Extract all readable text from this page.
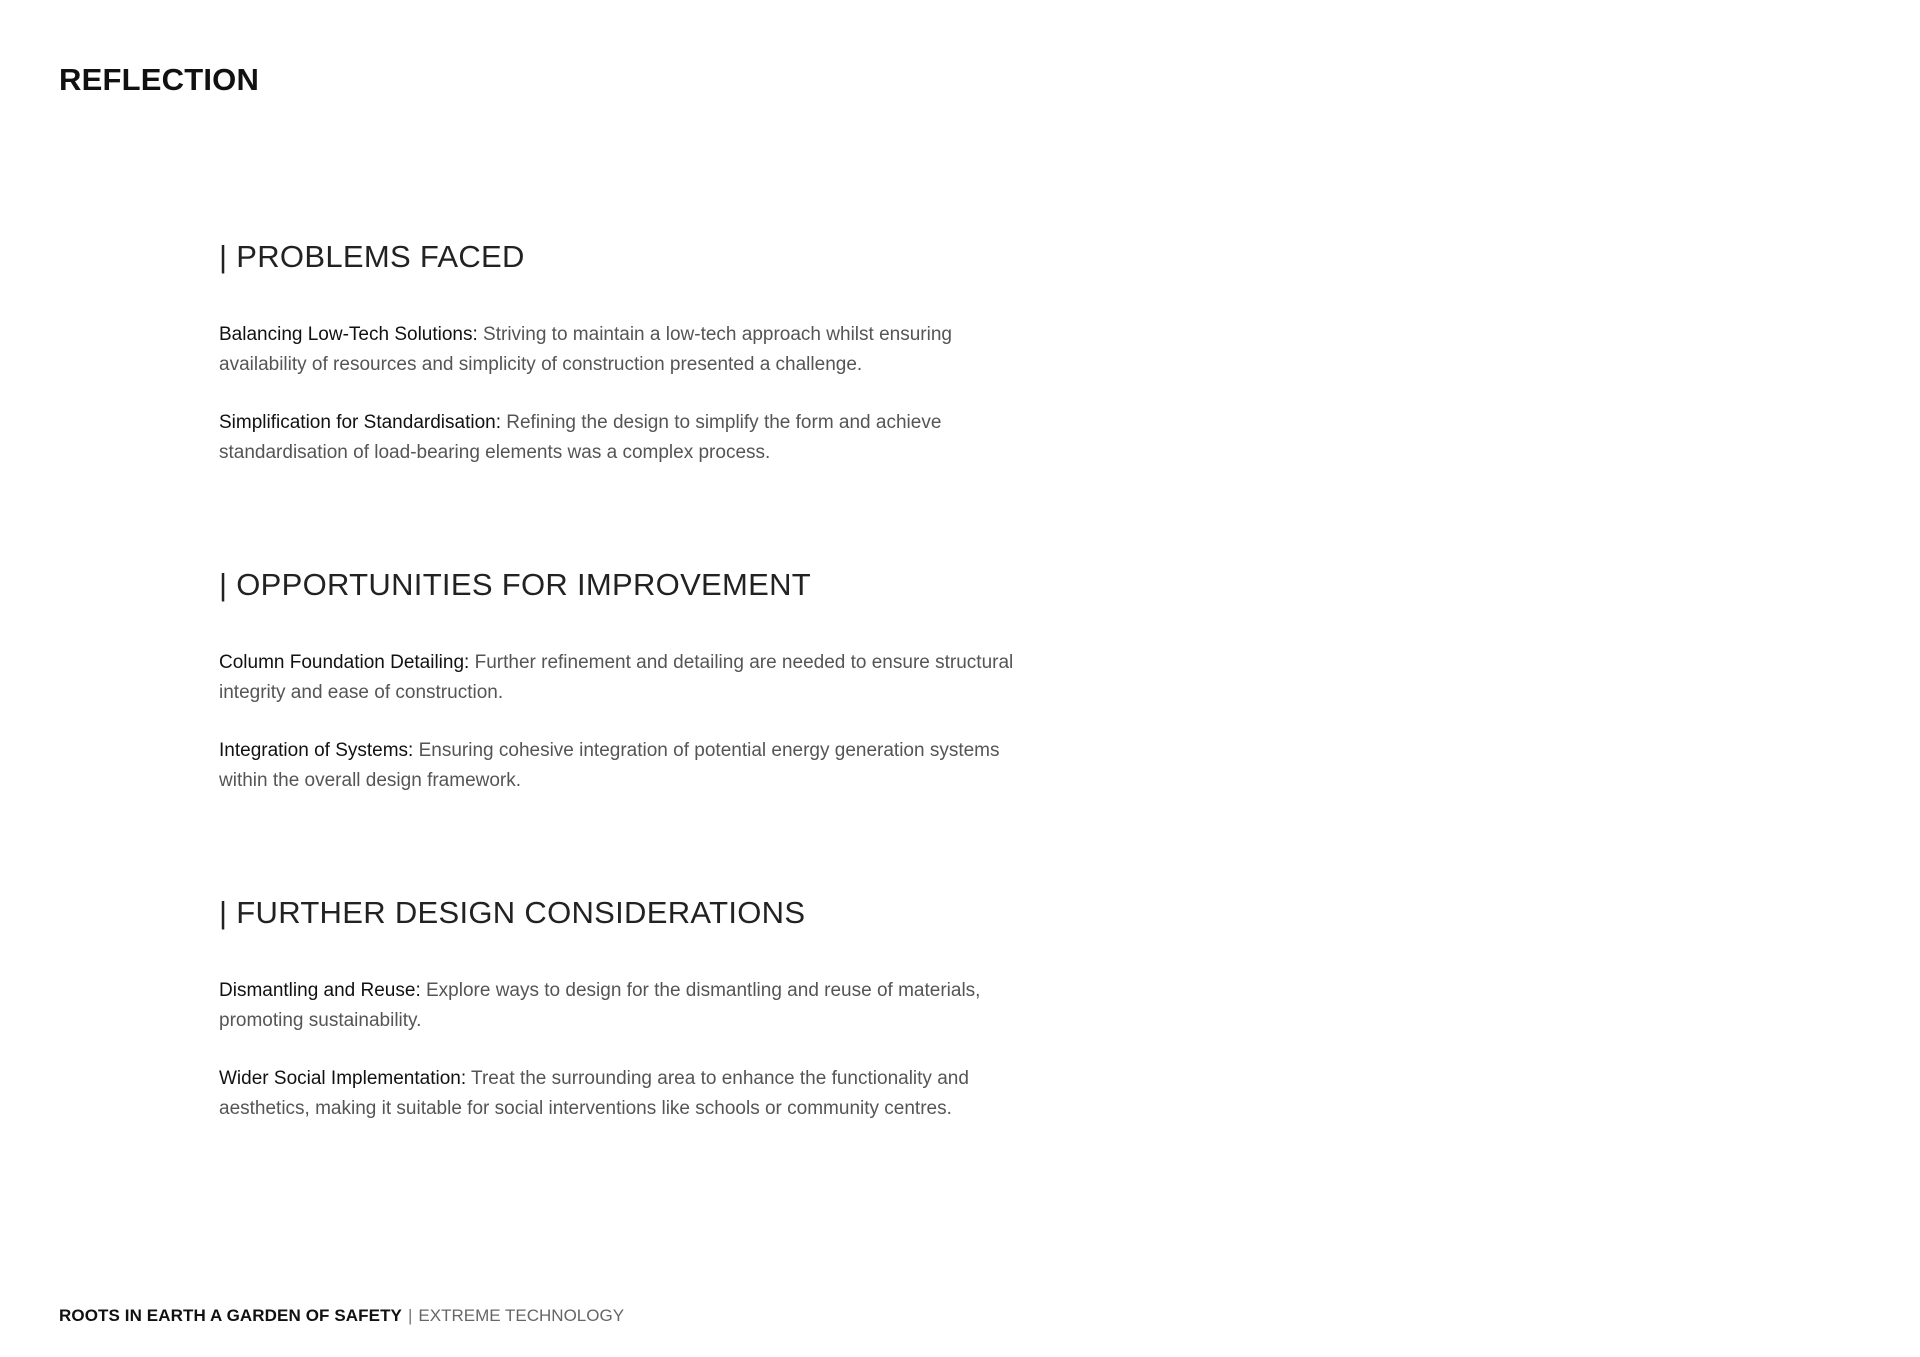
REFLECTION
| PROBLEMS FACED

Balancing Low-Tech Solutions: Striving to maintain a low-tech approach whilst ensuring availability of resources and simplicity of construction presented a challenge.

Simplification for Standardisation: Refining the design to simplify the form and achieve standardisation of load-bearing elements was a complex process.

| OPPORTUNITIES FOR IMPROVEMENT

Column Foundation Detailing: Further refinement and detailing are needed to ensure structural integrity and ease of construction.

Integration of Systems: Ensuring cohesive integration of potential energy generation systems within the overall design framework.

| FURTHER DESIGN CONSIDERATIONS

Dismantling and Reuse: Explore ways to design for the dismantling and reuse of materials, promoting sustainability.

Wider Social Implementation: Treat the surrounding area to enhance the functionality and aesthetics, making it suitable for social interventions like schools or community centres.

ROOTS IN EARTH A GARDEN OF SAFETY | EXTREME TECHNOLOGY
